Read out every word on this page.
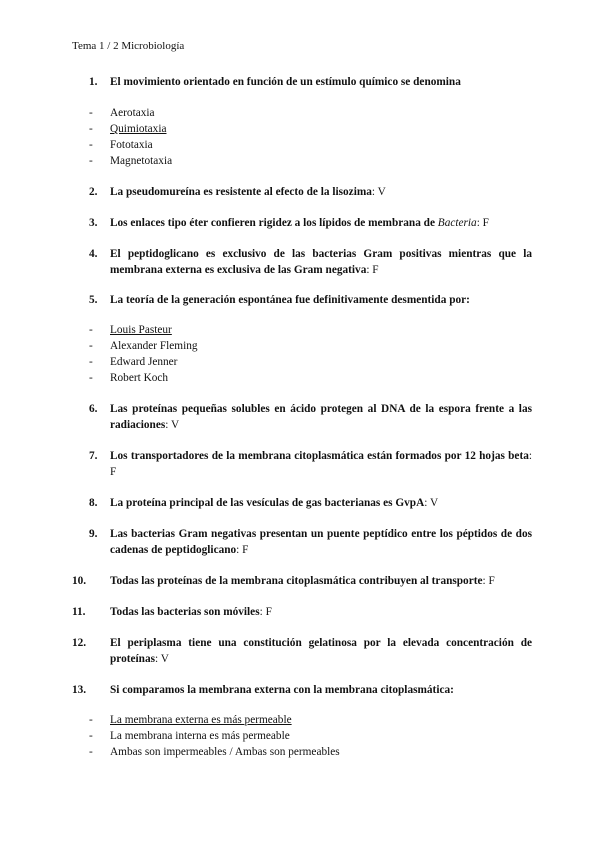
Tema 1 / 2 Microbiología
1. El movimiento orientado en función de un estímulo químico se denomina
- Aerotaxia
- Quimiotaxia
- Fototaxia
- Magnetotaxia
2. La pseudomureína es resistente al efecto de la lisozima: V
3. Los enlaces tipo éter confieren rigidez a los lípidos de membrana de Bacteria: F
4. El peptidoglicano es exclusivo de las bacterias Gram positivas mientras que la membrana externa es exclusiva de las Gram negativa: F
5. La teoría de la generación espontánea fue definitivamente desmentida por:
- Louis Pasteur
- Alexander Fleming
- Edward Jenner
- Robert Koch
6. Las proteínas pequeñas solubles en ácido protegen al DNA de la espora frente a las radiaciones: V
7. Los transportadores de la membrana citoplasmática están formados por 12 hojas beta: F
8. La proteína principal de las vesículas de gas bacterianas es GvpA: V
9. Las bacterias Gram negativas presentan un puente peptídico entre los péptidos de dos cadenas de peptidoglicano: F
10. Todas las proteínas de la membrana citoplasmática contribuyen al transporte: F
11. Todas las bacterias son móviles: F
12. El periplasma tiene una constitución gelatinosa por la elevada concentración de proteínas: V
13. Si comparamos la membrana externa con la membrana citoplasmática:
- La membrana externa es más permeable
- La membrana interna es más permeable
- Ambas son impermeables / Ambas son permeables
